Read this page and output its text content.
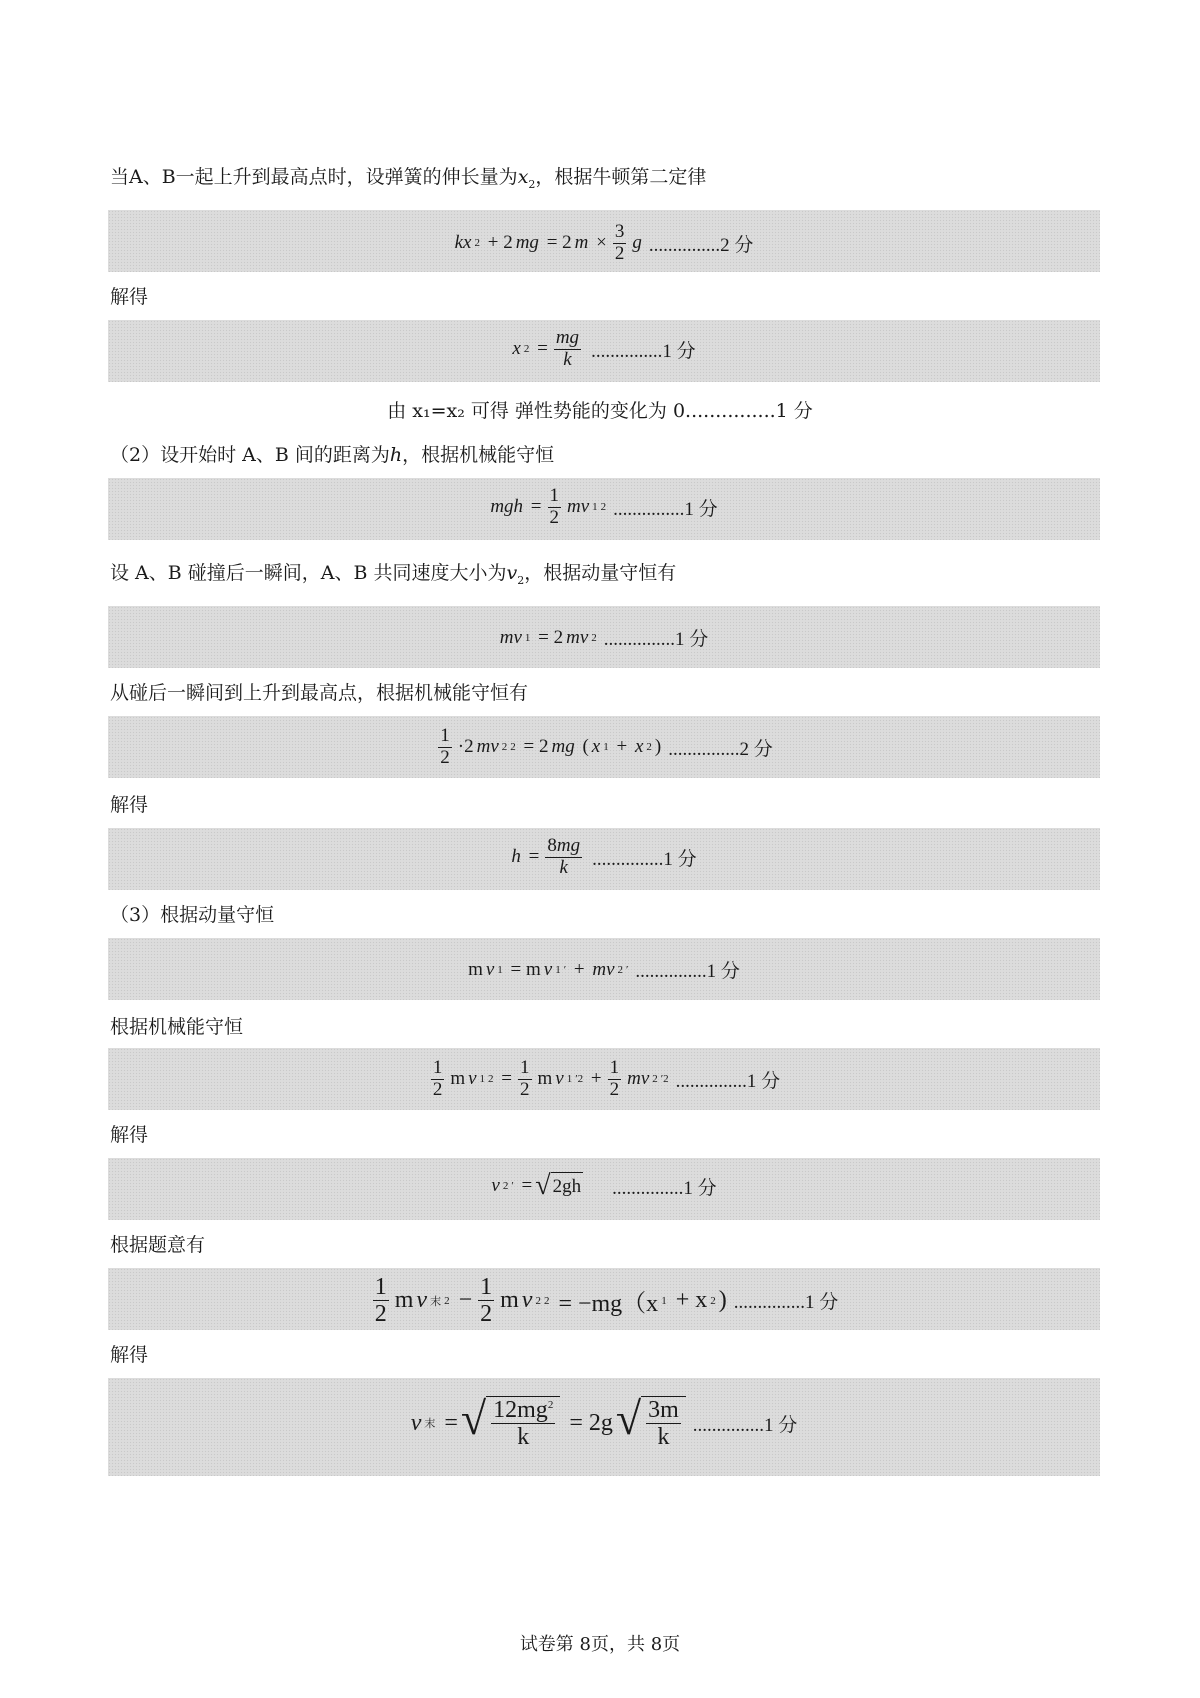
当A、B一起上升到最高点时，设弹簧的伸长量为$x_2$，根据牛顿第二定律
kx 2 + 2 mg = 2 $m \times \frac{3}{2}$ g ...............2 分
解得
x $2 = \frac{mg}{k} ...............1$ 分
由 x₁=x₂ 可得 弹性势能的变化为 0...............1 分
（2）设开始时 A、B 间的距离为h，根据机械能守恒
mgh = $\frac{1}{2}$ mv 1 2 ...............1 分
设 A、B 碰撞后一瞬间，A、B 共同速度大小为$v_2$，根据动量守恒有
mv 1 = 2 mv 2 ...............1 分
从碰后一瞬间到上升到最高点，根据机械能守恒有
$\frac{1}{2} \cdot 2$ mv 2 2 = 2 mg ( x 1 + x 2 ) ...............2 分
解得
$h = \frac{8mg}{k} ...............1$ 分
（3）根据动量守恒
m v 1 = m v 1 ′ + mv 2 ′ ...............1 分
根据机械能守恒
$\frac{1}{2}$ m v 1 $2 = \frac{1}{2}$ m v 1 $'2 + \frac{1}{2}$ mv 2 ′2 ...............1 分
解得
v 2 ′ = √ 2gh
...............1 分
根据题意有
$\frac{1}{2}$ m v 末 $2 - \frac{1}{2}$ m v 2 2 = −mg（x 1 + x 2 ) ...............1 分
解得
v 末 = √ $\frac{12mg^2}{k} = 2g$ √ $\frac{3m}{k} ...............1$ 分
试卷第 8页，共 8页
